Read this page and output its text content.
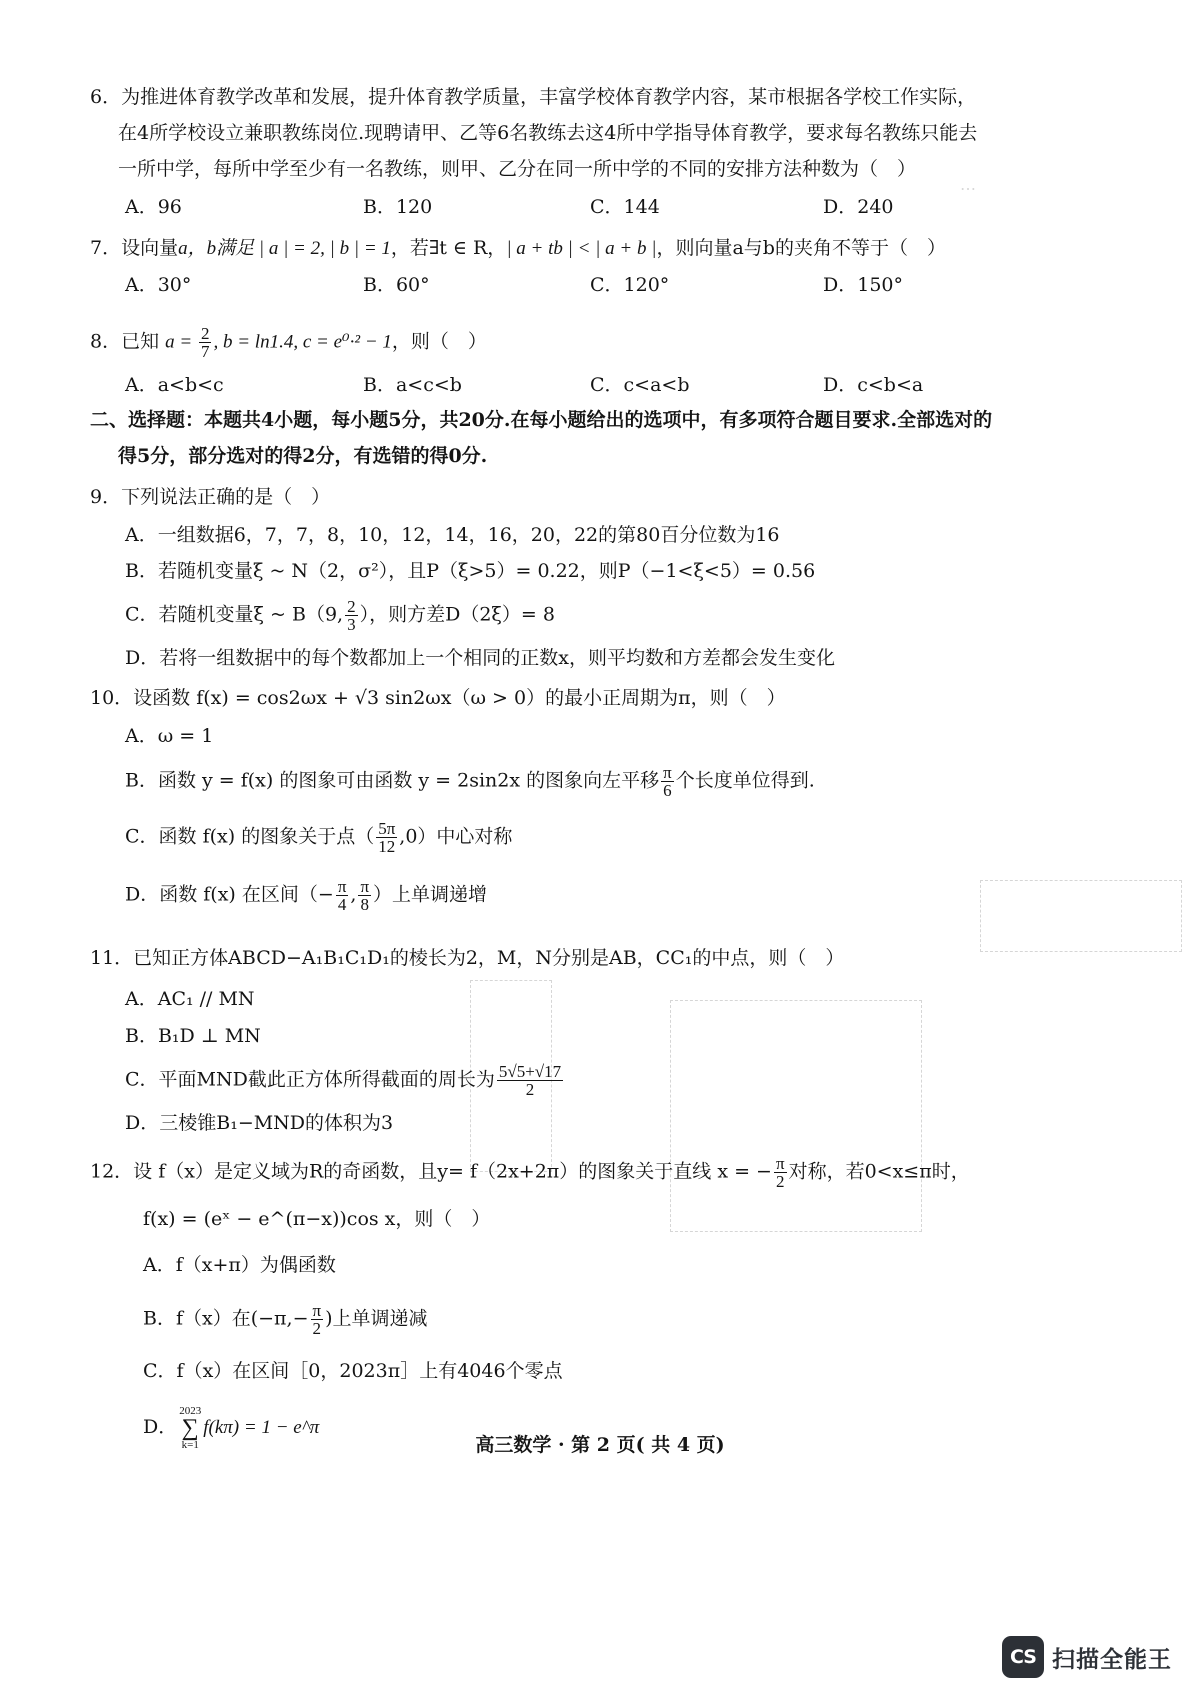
…
6．为推进体育教学改革和发展，提升体育教学质量，丰富学校体育教学内容，某市根据各学校工作实际，
在4所学校设立兼职教练岗位.现聘请甲、乙等6名教练去这4所中学指导体育教学，要求每名教练只能去
一所中学，每所中学至少有一名教练，则甲、乙分在同一所中学的不同的安排方法种数为（　）
A．96	B．120	C．144	D．240
7．设向量a，b满足 | a | = 2, | b | = 1，若∃t ∈ R，| a + tb | < | a + b |，则向量a与b的夹角不等于（　）
A．30°	B．60°	C．120°	D．150°
8．已知 $a = \frac{2}{7}$ , b = ln1.4, c = e⁰·² − 1，则（　）
A．a<b<c	B．a<c<b	C．c<a<b	D．c<b<a
二、选择题：本题共4小题，每小题5分，共20分.在每小题给出的选项中，有多项符合题目要求.全部选对的
得5分，部分选对的得2分，有选错的得0分.
9．下列说法正确的是（　）
A．一组数据6，7，7，8，10，12，14，16，20，22的第80百分位数为16
B．若随机变量ξ ~ N（2，σ²），且P（ξ>5）= 0.22，则P（−1<ξ<5）= 0.56
C．若随机变量ξ ~ B（9, $\frac{2}{3}$ ），则方差D（2ξ）= 8
D．若将一组数据中的每个数都加上一个相同的正数x，则平均数和方差都会发生变化
10．设函数 f(x) = cos2ωx + √3 sin2ωx（ω > 0）的最小正周期为π，则（　）
A．ω = 1
B．函数 y = f(x) 的图象可由函数 y = 2sin2x 的图象向左平移 $\frac{\pi}{6}$ 个长度单位得到.
C．函数 f(x) 的图象关于点（ $\frac{5\pi}{12} ,0$）中心对称
D．函数 f(x) 在区间（− $\frac{\pi}{4}$ , $\frac{\pi}{8}$ ）上单调递增
11．已知正方体ABCD−A₁B₁C₁D₁的棱长为2，M，N分别是AB，CC₁的中点，则（　）
A．AC₁ // MN
B．B₁D ⊥ MN
C．平面MND截此正方体所得截面的周长为 $\frac{5√5+√17}{2}$
D．三棱锥B₁−MND的体积为3
12．设 f（x）是定义域为R的奇函数，且y= f（2x+2π）的图象关于直线 x = − $\frac{\pi}{2}$ 对称，若0<x≤π时，
f(x) = (eˣ − e^(π−x))cos x，则（　）
A．f（x+π）为偶函数
B．f（x）在($-\pi,- \frac{\pi}{2}$ )上单调递减
C．f（x）在区间［0，2023π］上有4046个零点
D．
2023
∑
k=1
f(kπ) = 1 − e^π
高三数学 · 第 2 页( 共 4 页)
CS 扫描全能王
